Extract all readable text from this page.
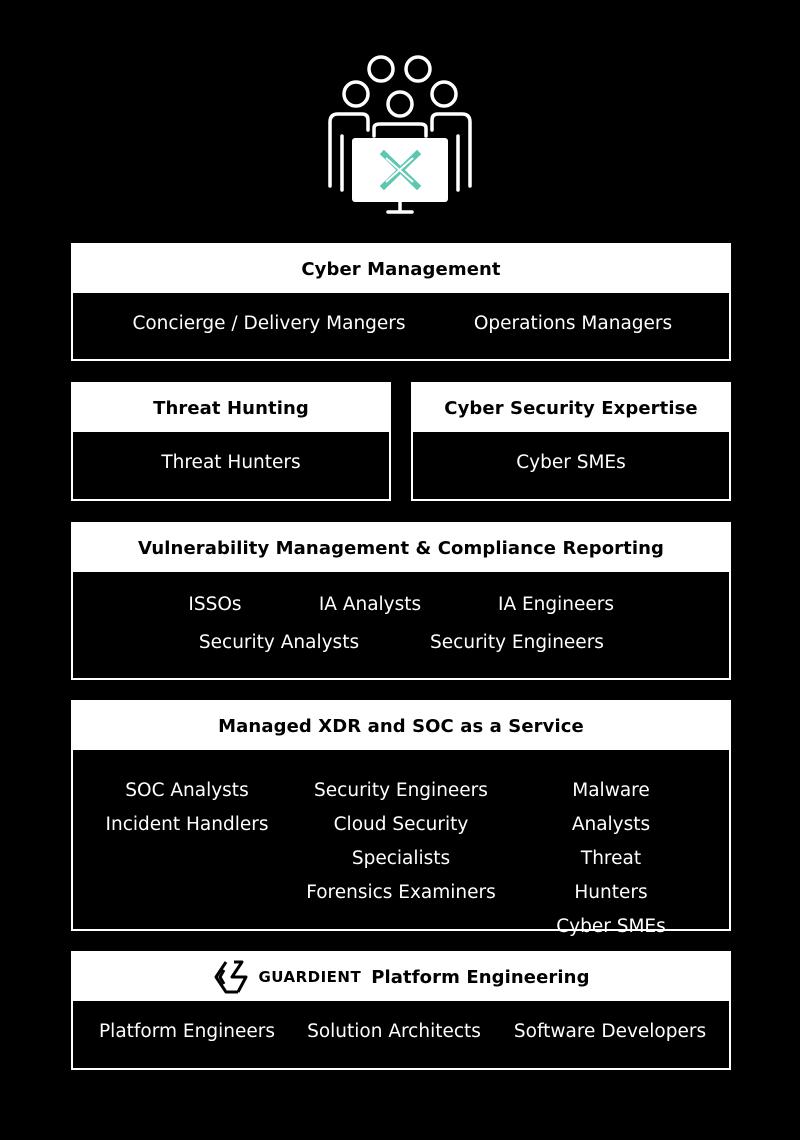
Cyber Management
Concierge / Delivery Mangers	Operations Managers
Threat Hunting
Threat Hunters
Cyber Security Expertise
Cyber SMEs
Vulnerability Management & Compliance Reporting
ISSOs	IA Analysts	IA Engineers
Security Analysts	Security Engineers
Managed XDR and SOC as a Service
SOC Analysts
Incident Handlers
Security Engineers
Cloud Security
Specialists
Forensics Examiners
Malware Analysts
Threat Hunters
Cyber SMEs
GUARDIENT Platform Engineering
Platform Engineers Solution Architects Software Developers
